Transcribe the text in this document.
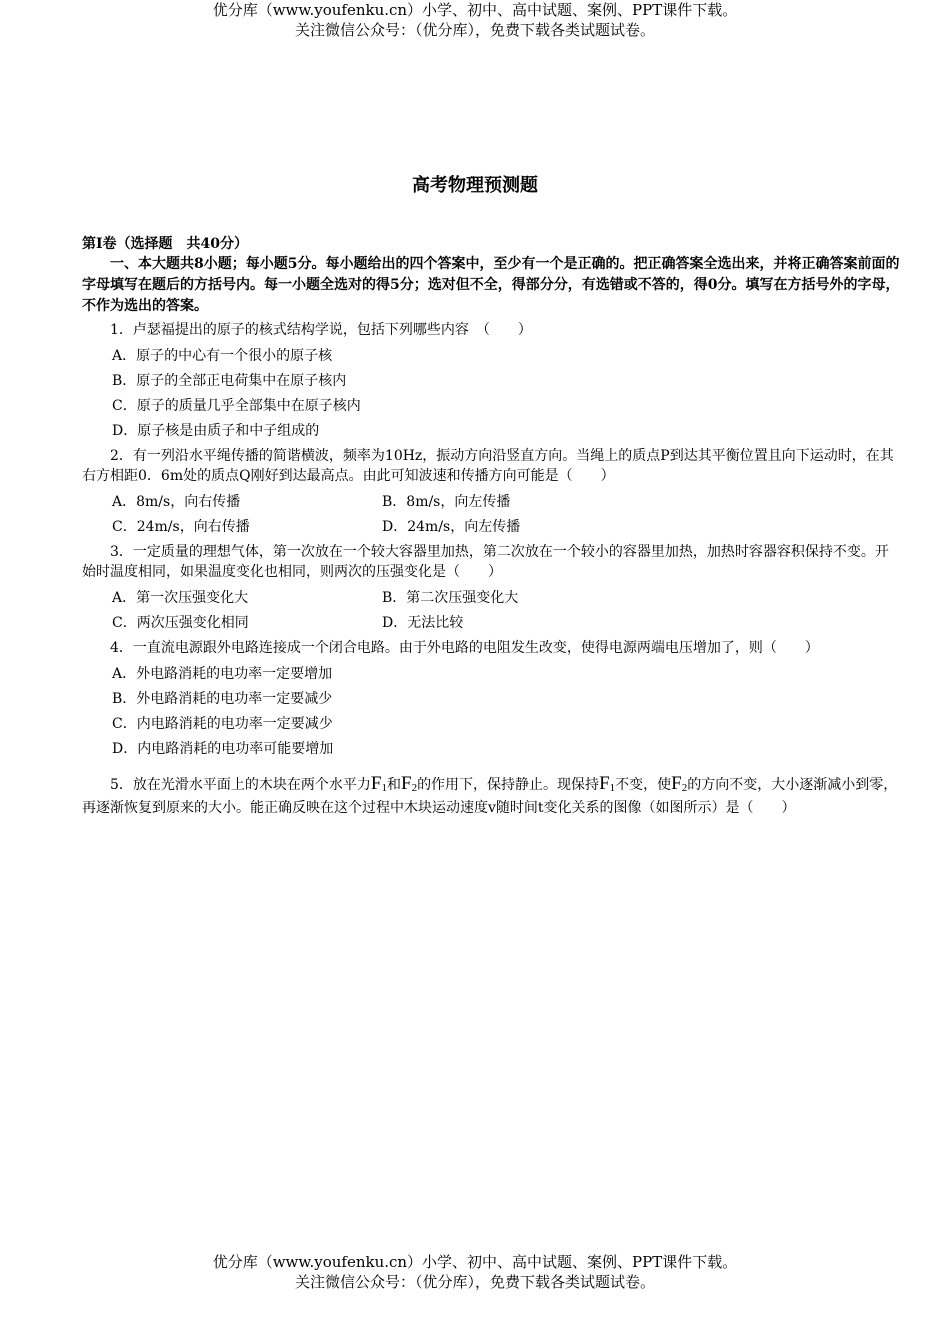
优分库（www.youfenku.cn）小学、初中、高中试题、案例、PPT课件下载。
关注微信公众号：（优分库），免费下载各类试题试卷。
高考物理预测题
第Ⅰ卷（选择题　共40分）
一、本大题共8小题；每小题5分。每小题给出的四个答案中，至少有一个是正确的。把正确答案全选出来，并将正确答案前面的字母填写在题后的方括号内。每一小题全选对的得5分；选对但不全，得部分分，有选错或不答的，得0分。填写在方括号外的字母，不作为选出的答案。
1．卢瑟福提出的原子的核式结构学说，包括下列哪些内容　（　　）
A．原子的中心有一个很小的原子核
B．原子的全部正电荷集中在原子核内
C．原子的质量几乎全部集中在原子核内
D．原子核是由质子和中子组成的
2．有一列沿水平绳传播的简谐横波，频率为10Hz，振动方向沿竖直方向。当绳上的质点P到达其平衡位置且向下运动时，在其右方相距0．6m处的质点Q刚好到达最高点。由此可知波速和传播方向可能是（　　）
A．8m/s，向右传播	B．8m/s，向左传播
C．24m/s，向右传播	D．24m/s，向左传播
3．一定质量的理想气体，第一次放在一个较大容器里加热，第二次放在一个较小的容器里加热，加热时容器容积保持不变。开始时温度相同，如果温度变化也相同，则两次的压强变化是（　　）
A．第一次压强变化大	B．第二次压强变化大
C．两次压强变化相同	D．无法比较
4．一直流电源跟外电路连接成一个闭合电路。由于外电路的电阻发生改变，使得电源两端电压增加了，则（　　）
A．外电路消耗的电功率一定要增加
B．外电路消耗的电功率一定要减少
C．内电路消耗的电功率一定要减少
D．内电路消耗的电功率可能要增加
5．放在光滑水平面上的木块在两个水平力$F_1$和$F_2$的作用下，保持静止。现保持$F_1$不变，使$F_2$的方向不变，大小逐渐减小到零，再逐渐恢复到原来的大小。能正确反映在这个过程中木块运动速度v随时间t变化关系的图像（如图所示）是（　　）
优分库（www.youfenku.cn）小学、初中、高中试题、案例、PPT课件下载。
关注微信公众号：（优分库），免费下载各类试题试卷。
